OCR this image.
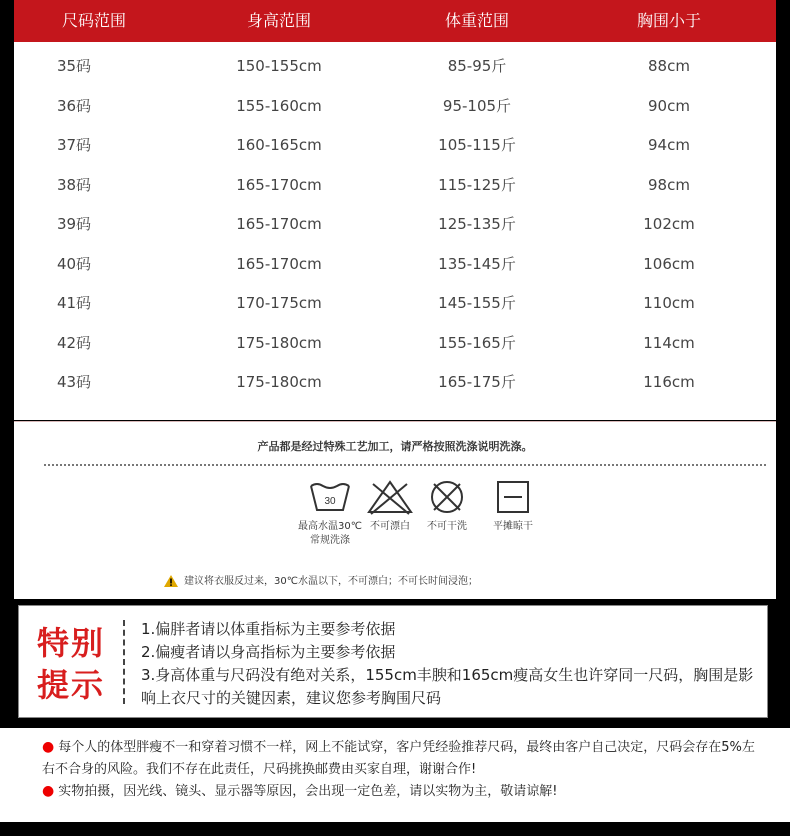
尺码范围	身高范围	体重范围	胸围小于
35码	150-155cm	85-95斤	88cm
36码	155-160cm	95-105斤	90cm
37码	160-165cm	105-115斤	94cm
38码	165-170cm	115-125斤	98cm
39码	165-170cm	125-135斤	102cm
40码	165-170cm	135-145斤	106cm
41码	170-175cm	145-155斤	110cm
42码	175-180cm	155-165斤	114cm
43码	175-180cm	165-175斤	116cm
产品都是经过特殊工艺加工，请严格按照洗涤说明洗涤。
30
最高水温30℃
常规洗涤
不可漂白	不可干洗	平摊晾干
建议将衣服反过来，30℃水温以下，不可漂白；不可长时间浸泡；
特别
提示
1.偏胖者请以体重指标为主要参考依据
2.偏瘦者请以身高指标为主要参考依据
3.身高体重与尺码没有绝对关系，155cm丰腴和165cm瘦高女生也许穿同一尺码，胸围是影响上衣尺寸的关键因素，建议您参考胸围尺码
● 每个人的体型胖瘦不一和穿着习惯不一样，网上不能试穿，客户凭经验推荐尺码，最终由客户自己决定，尺码会存在5%左右不合身的风险。我们不存在此责任，尺码挑换邮费由买家自理，谢谢合作!
● 实物拍摄，因光线、镜头、显示器等原因，会出现一定色差，请以实物为主，敬请谅解!
